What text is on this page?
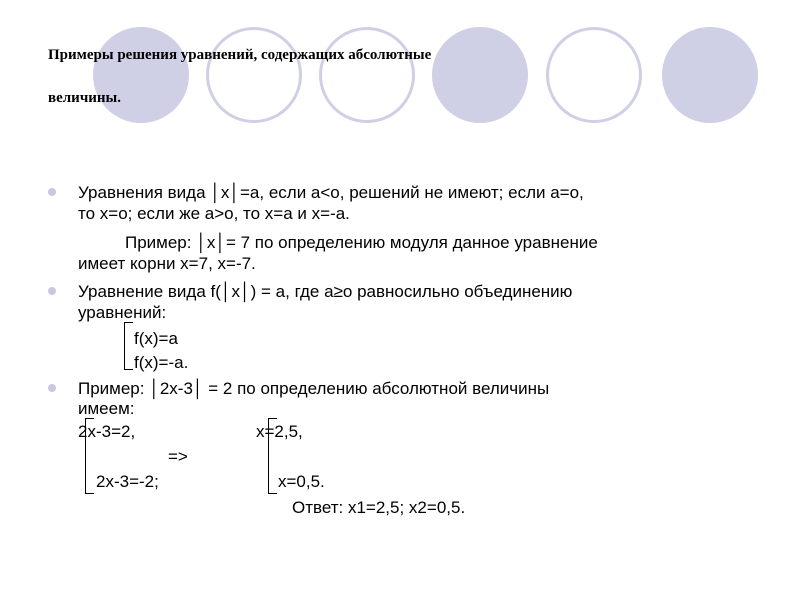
Примеры решения уравнений, содержащих абсолютные
величины.
Уравнения вида │x│=a, если а<o, решений не имеют; если а=о,
то x=o; если же a>o, то x=a и x=-a.
Пример: │x│= 7 по определению модуля данное уравнение
имеет корни x=7, x=-7.
Уравнение вида f(│x│) = a, где a≥o равносильно объединению
уравнений:
f(x)=a
f(x)=-a.
Пример: │2x-3│ = 2 по определению абсолютной величины
имеем:
2x-3=2,	x=2,5,
=>
2x-3=-2;	x=0,5.
Ответ: x1=2,5; x2=0,5.
